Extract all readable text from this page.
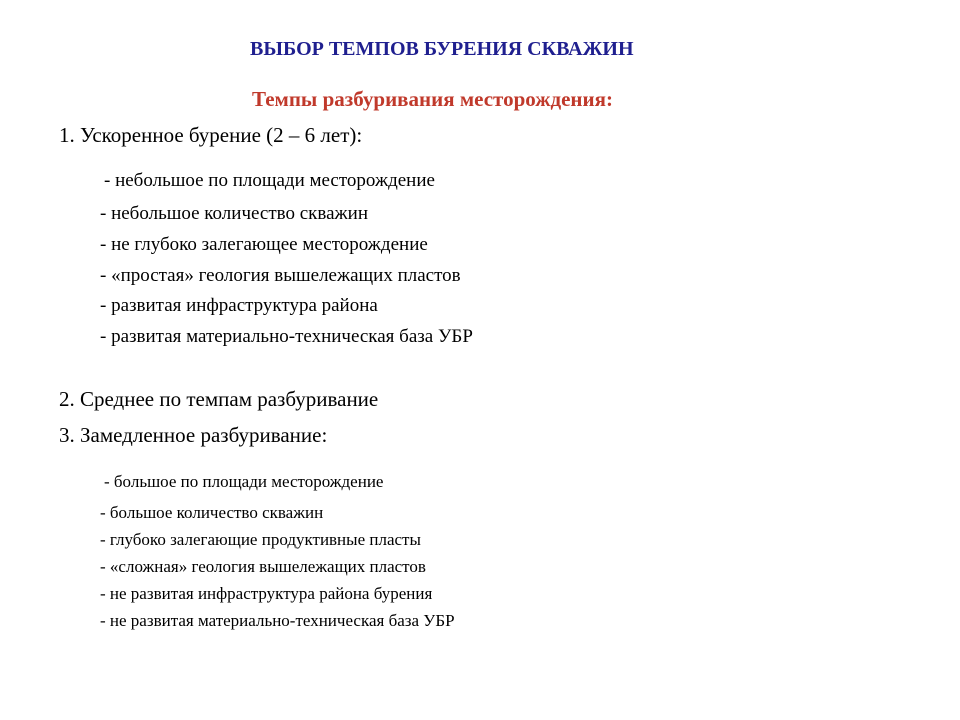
ВЫБОР ТЕМПОВ БУРЕНИЯ СКВАЖИН
Темпы разбуривания месторождения:
1. Ускоренное бурение (2 – 6 лет):
- небольшое по площади месторождение
- небольшое количество скважин
- не глубоко залегающее месторождение
- «простая» геология вышележащих пластов
- развитая инфраструктура района
- развитая материально-техническая база УБР
2. Среднее по темпам разбуривание
3. Замедленное разбуривание:
- большое по площади месторождение
- большое количество скважин
- глубоко залегающие продуктивные пласты
- «сложная» геология вышележащих пластов
- не развитая инфраструктура района бурения
- не развитая материально-техническая база УБР
